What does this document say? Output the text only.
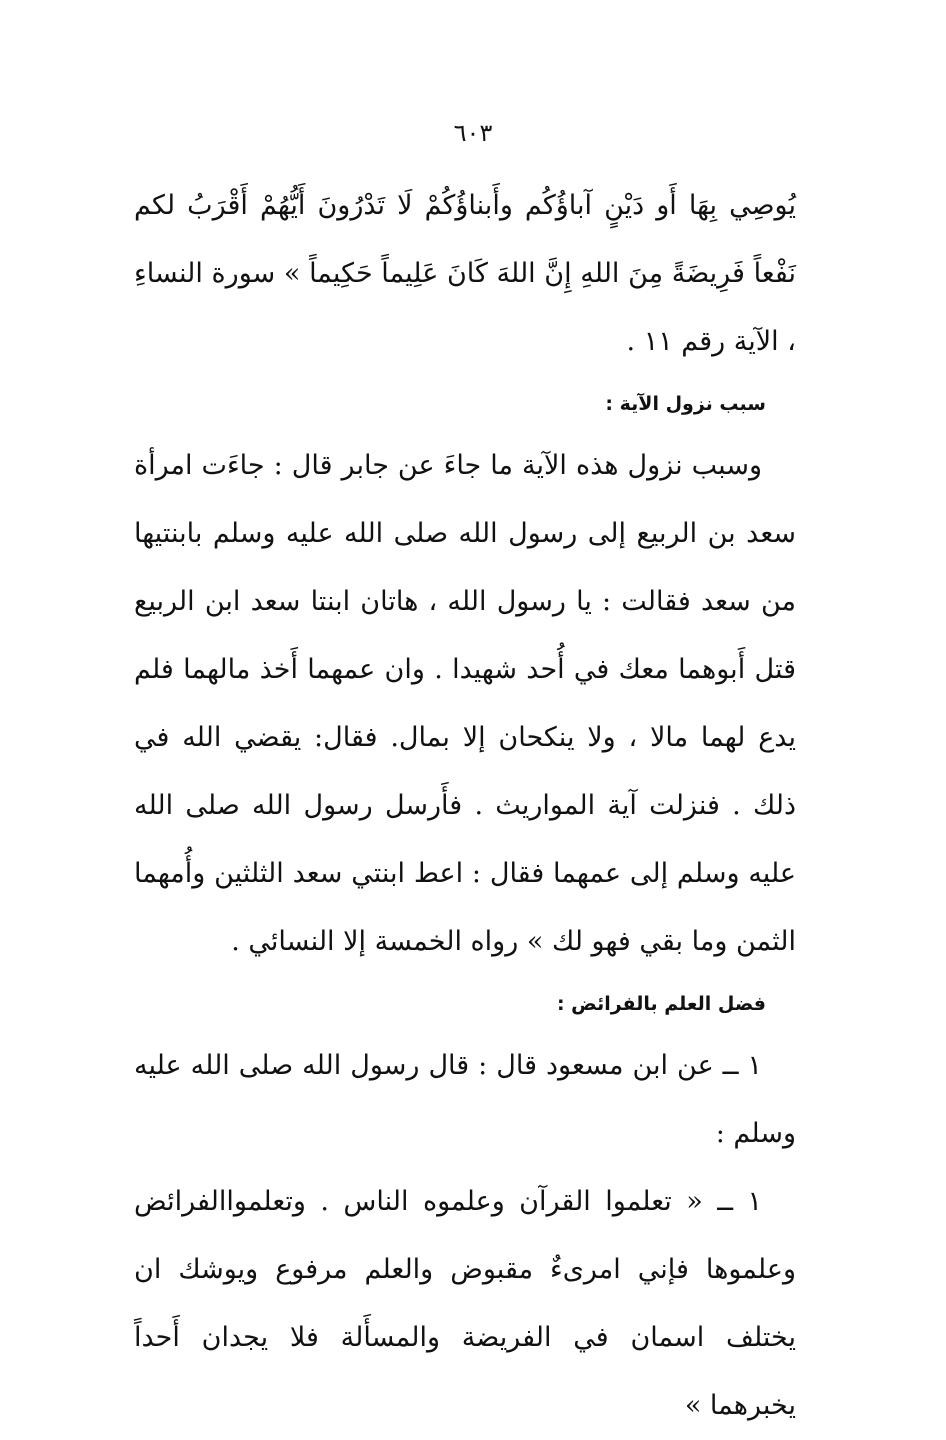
٦٠٣

يُوصِي بِهَا أَو دَيْنٍ آباؤُكُم وأَبناؤُكُمْ لَا تَدْرُونَ أَيُّهُمْ أَقْرَبُ لكم نَفْعاً فَرِيضَةً مِنَ اللهِ إِنَّ اللهَ كَانَ عَلِيماً حَكِيماً » سورة النساءِ ، الآية رقم ١١ .

سبب نزول الآية :

وسبب نزول هذه الآية ما جاءَ عن جابر قال : جاءَت امرأة سعد بن الربيع إلى رسول الله صلى الله عليه وسلم بابنتيها من سعد فقالت : يا رسول الله ، هاتان ابنتا سعد ابن الربيع قتل أَبوهما معك في أُحد شهيدا . وان عمهما أَخذ مالهما فلم يدع لهما مالا ، ولا ينكحان إلا بمال. فقال: يقضي الله في ذلك . فنزلت آية المواريث . فأَرسل رسول الله صلى الله عليه وسلم إلى عمهما فقال : اعط ابنتي سعد الثلثين وأُمهما الثمن وما بقي فهو لك » رواه الخمسة إلا النسائي .

فضل العلم بالفرائض :

١ ــ عن ابن مسعود قال : قال رسول الله صلى الله عليه وسلم :

١ ــ « تعلموا القرآن وعلموه الناس . وتعلمواالفرائض وعلموها فإني امرىءٌ مقبوض والعلم مرفوع ويوشك ان يختلف اسمان في الفريضة والمسأَلة فلا يجدان أَحداً يخبرهما »
